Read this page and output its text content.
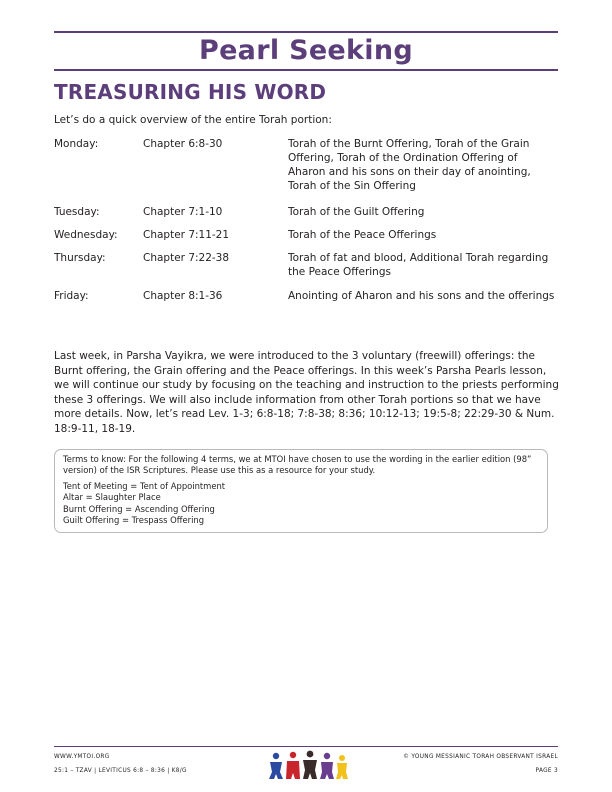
Pearl Seeking
TREASURING HIS WORD
Let’s do a quick overview of the entire Torah portion:
Monday:	Chapter 6:8-30	Torah of the Burnt Offering, Torah of the Grain Offering, Torah of the Ordination Offering of Aharon and his sons on their day of anointing, Torah of the Sin Offering
Tuesday:	Chapter 7:1-10	Torah of the Guilt Offering
Wednesday: Chapter 7:11-21	Torah of the Peace Offerings
Thursday:	Chapter 7:22-38	Torah of fat and blood, Additional Torah regarding the Peace Offerings
Friday:	Chapter 8:1-36	Anointing of Aharon and his sons and the offerings
Last week, in Parsha Vayikra, we were introduced to the 3 voluntary (freewill) offerings: the Burnt offering, the Grain offering and the Peace offerings. In this week’s Parsha Pearls lesson, we will continue our study by focusing on the teaching and instruction to the priests performing these 3 offerings. We will also include information from other Torah portions so that we have more details. Now, let’s read Lev. 1-3; 6:8-18; 7:8-38; 8:36; 10:12-13; 19:5-8; 22:29-30 & Num. 18:9-11, 18-19.

Terms to know: For the following 4 terms, we at MTOI have chosen to use the wording in the earlier edition (98” version) of the ISR Scriptures. Please use this as a resource for your study.

Tent of Meeting = Tent of Appointment

Altar = Slaughter Place

Burnt Offering = Ascending Offering

Guilt Offering = Trespass Offering

WWW.YMTOI.ORG
25:1 – TZAV | LEVITICUS 6:8 – 8:36 | K8/G
© YOUNG MESSIANIC TORAH OBSERVANT ISRAEL
PAGE 3
